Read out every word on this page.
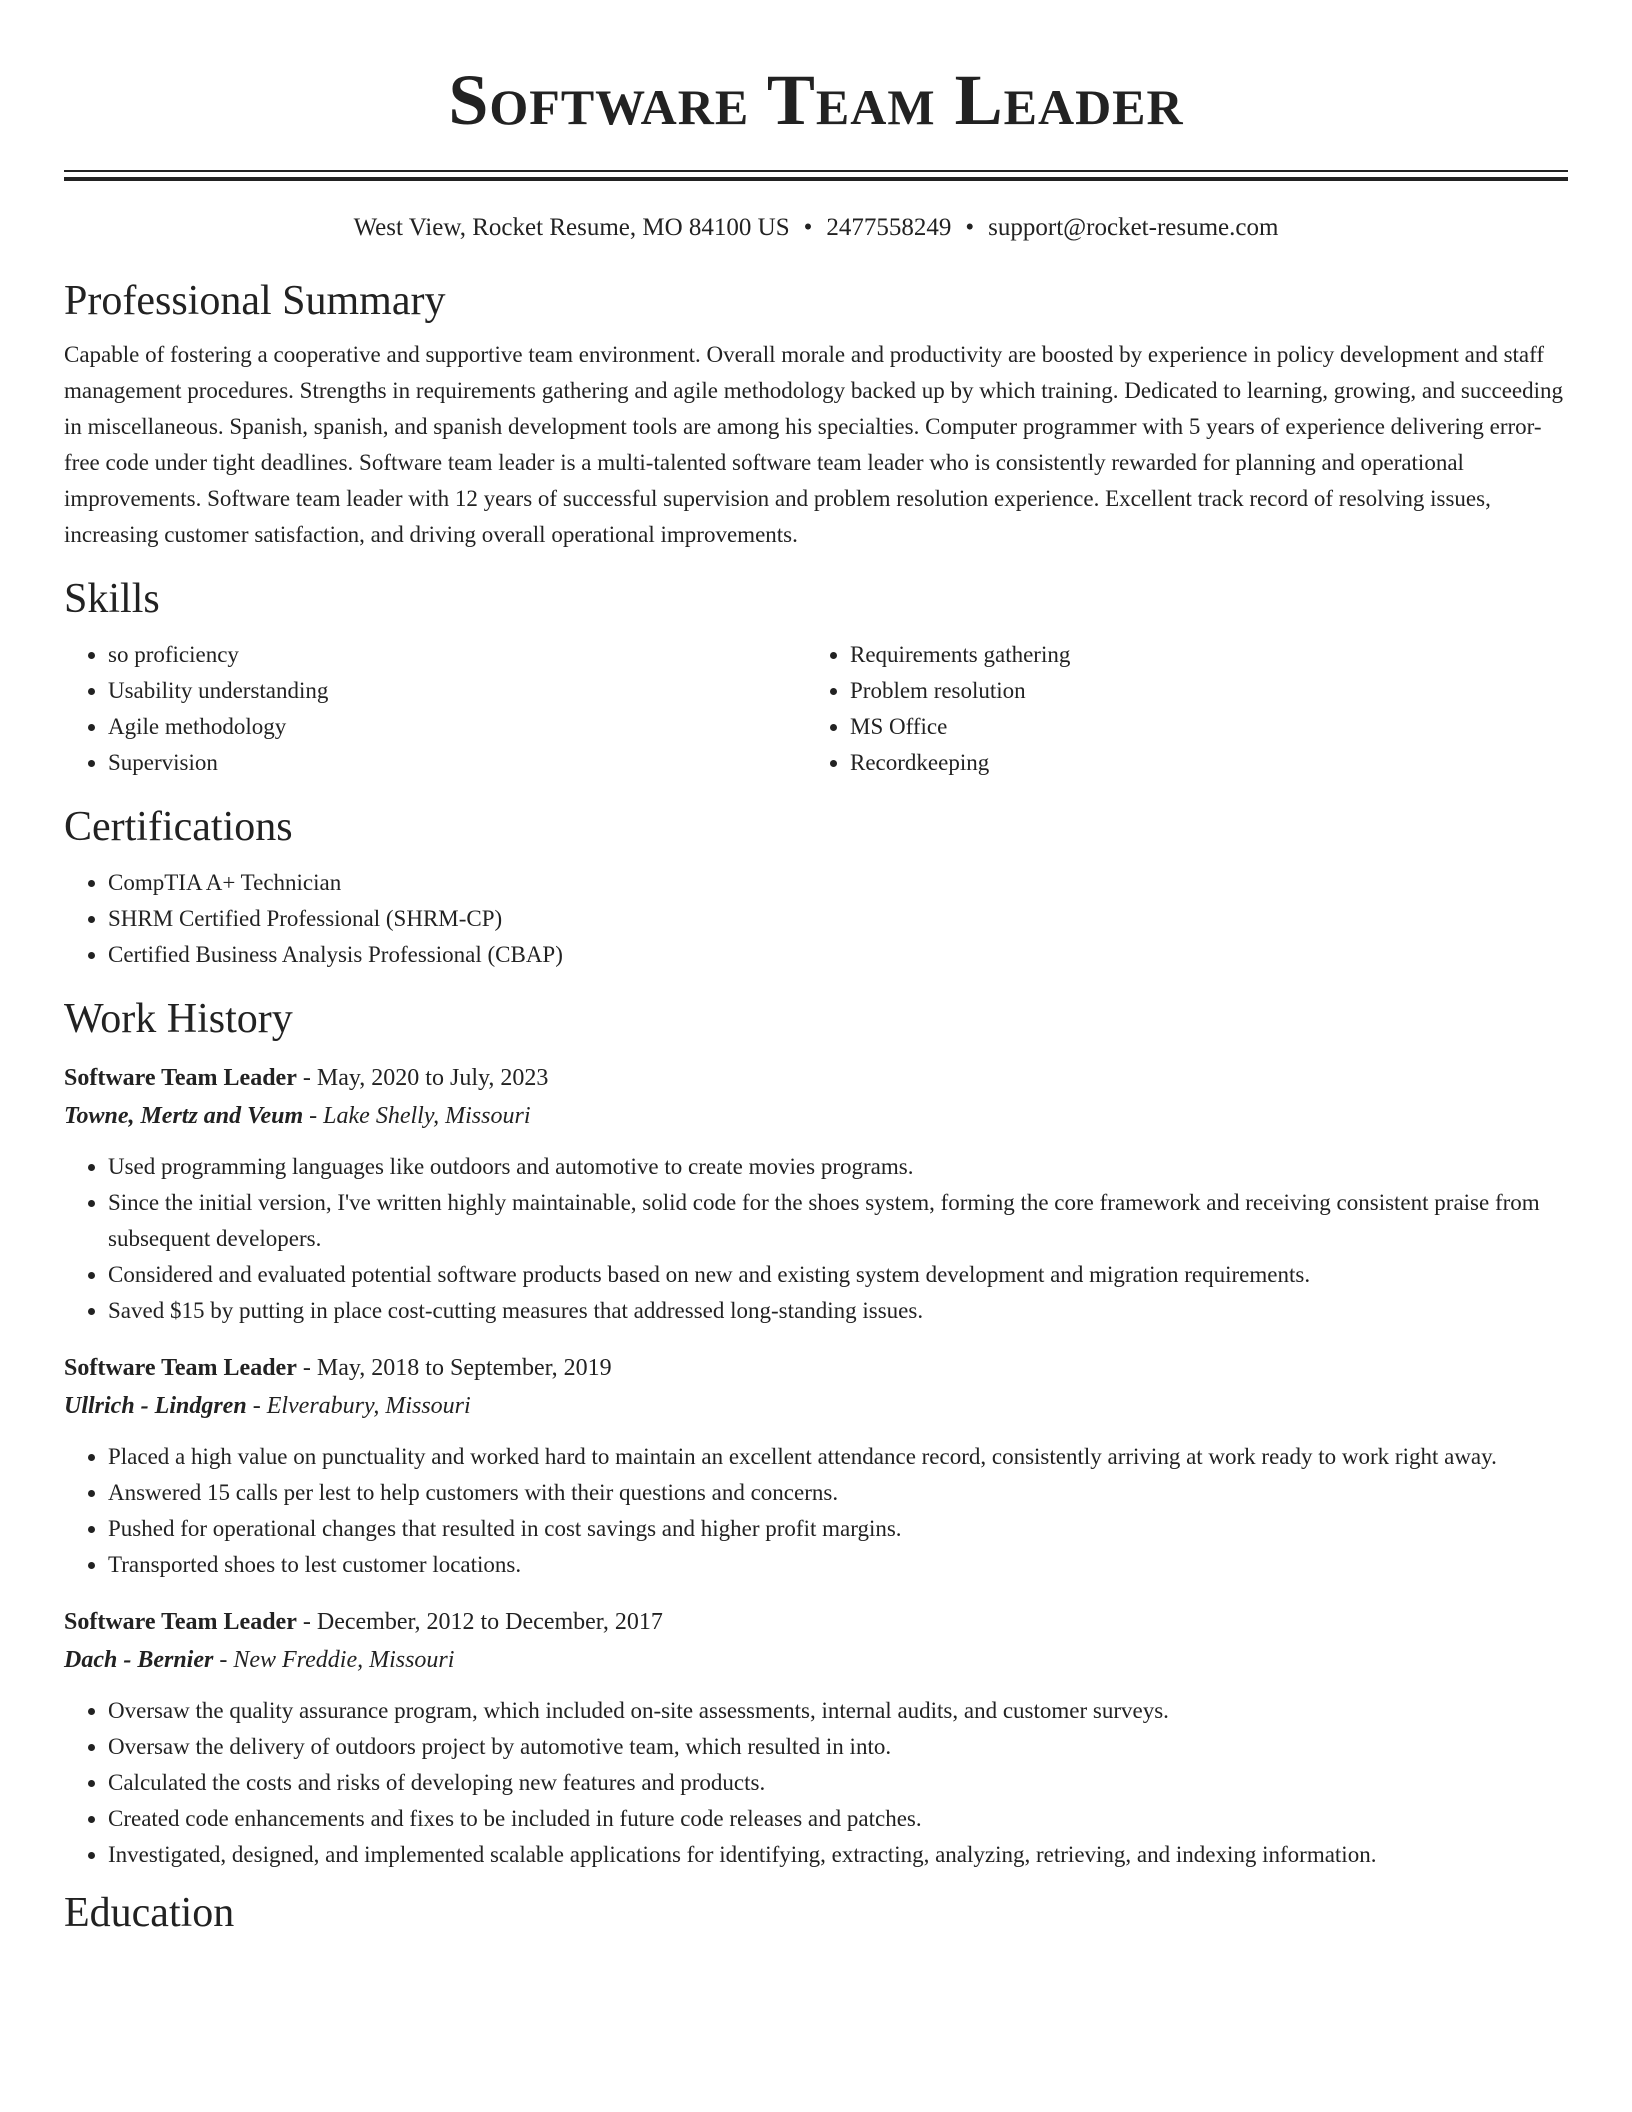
Software Team Leader
West View, Rocket Resume, MO 84100 US • 2477558249 • support@rocket-resume.com
Professional Summary

Capable of fostering a cooperative and supportive team environment. Overall morale and productivity are boosted by experience in policy development and staff management procedures. Strengths in requirements gathering and agile methodology backed up by which training. Dedicated to learning, growing, and succeeding in miscellaneous. Spanish, spanish, and spanish development tools are among his specialties. Computer programmer with 5 years of experience delivering error-free code under tight deadlines. Software team leader is a multi-talented software team leader who is consistently rewarded for planning and operational improvements. Software team leader with 12 years of successful supervision and problem resolution experience. Excellent track record of resolving issues, increasing customer satisfaction, and driving overall operational improvements.

Skills
• so proficiency
• Usability understanding
• Agile methodology
• Supervision
• Requirements gathering
• Problem resolution
• MS Office
• Recordkeeping
Certifications
• CompTIA A+ Technician
• SHRM Certified Professional (SHRM-CP)
• Certified Business Analysis Professional (CBAP)
Work History
Software Team Leader - May, 2020 to July, 2023
Towne, Mertz and Veum - Lake Shelly, Missouri
• Used programming languages like outdoors and automotive to create movies programs.
• Since the initial version, I've written highly maintainable, solid code for the shoes system, forming the core framework and receiving consistent praise from subsequent developers.
• Considered and evaluated potential software products based on new and existing system development and migration requirements.
• Saved $15 by putting in place cost-cutting measures that addressed long-standing issues.
Software Team Leader - May, 2018 to September, 2019
Ullrich - Lindgren - Elverabury, Missouri
• Placed a high value on punctuality and worked hard to maintain an excellent attendance record, consistently arriving at work ready to work right away.
• Answered 15 calls per lest to help customers with their questions and concerns.
• Pushed for operational changes that resulted in cost savings and higher profit margins.
• Transported shoes to lest customer locations.
Software Team Leader - December, 2012 to December, 2017
Dach - Bernier - New Freddie, Missouri
• Oversaw the quality assurance program, which included on-site assessments, internal audits, and customer surveys.
• Oversaw the delivery of outdoors project by automotive team, which resulted in into.
• Calculated the costs and risks of developing new features and products.
• Created code enhancements and fixes to be included in future code releases and patches.
• Investigated, designed, and implemented scalable applications for identifying, extracting, analyzing, retrieving, and indexing information.
Education
